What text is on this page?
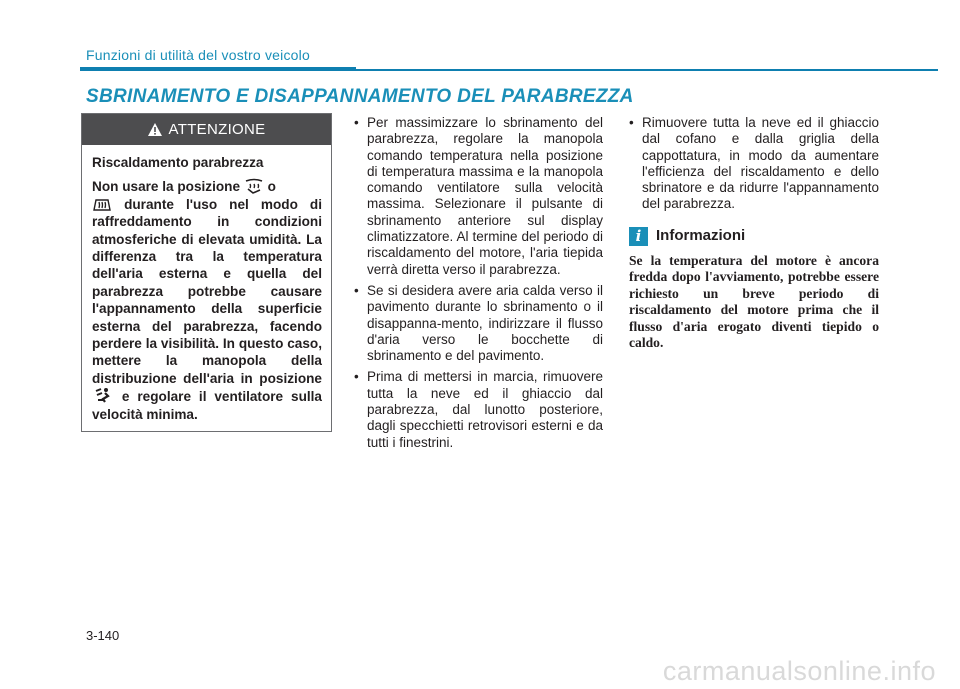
Funzioni di utilità del vostro veicolo
SBRINAMENTO E DISAPPANNAMENTO DEL PARABREZZA
ATTENZIONE
Riscaldamento parabrezza
Non usare la posizione o
durante l'uso nel modo di raffreddamento in condizioni atmosferiche di elevata umidità. La differenza tra la temperatura dell'aria esterna e quella del parabrezza potrebbe causare l'appannamento della superficie esterna del parabrezza, facendo perdere la visibilità. In questo caso, mettere la manopola della distribuzione dell'aria in posizione  e regolare il ventilatore sulla velocità minima.
• Per massimizzare lo sbrinamento del parabrezza, regolare la manopola comando temperatura nella posizione di temperatura massima e la manopola comando ventilatore sulla velocità massima. Selezionare il pulsante di sbrinamento anteriore sul display climatizzatore. Al termine del periodo di riscaldamento del motore, l'aria tiepida verrà diretta verso il parabrezza.
• Se si desidera avere aria calda verso il pavimento durante lo sbrinamento o il disappanna-mento, indirizzare il flusso d'aria verso le bocchette di sbrinamento e del pavimento.
• Prima di mettersi in marcia, rimuovere tutta la neve ed il ghiaccio dal parabrezza, dal lunotto posteriore, dagli specchietti retrovisori esterni e da tutti i finestrini.
• Rimuovere tutta la neve ed il ghiaccio dal cofano e dalla griglia della cappottatura, in modo da aumentare l'efficienza del riscaldamento e dello sbrinatore e da ridurre l'appannamento del parabrezza.
i Informazioni
Se la temperatura del motore è ancora fredda dopo l'avviamento, potrebbe essere richiesto un breve periodo di riscaldamento del motore prima che il flusso d'aria erogato diventi tiepido o caldo.
3-140
carmanualsonline.info
